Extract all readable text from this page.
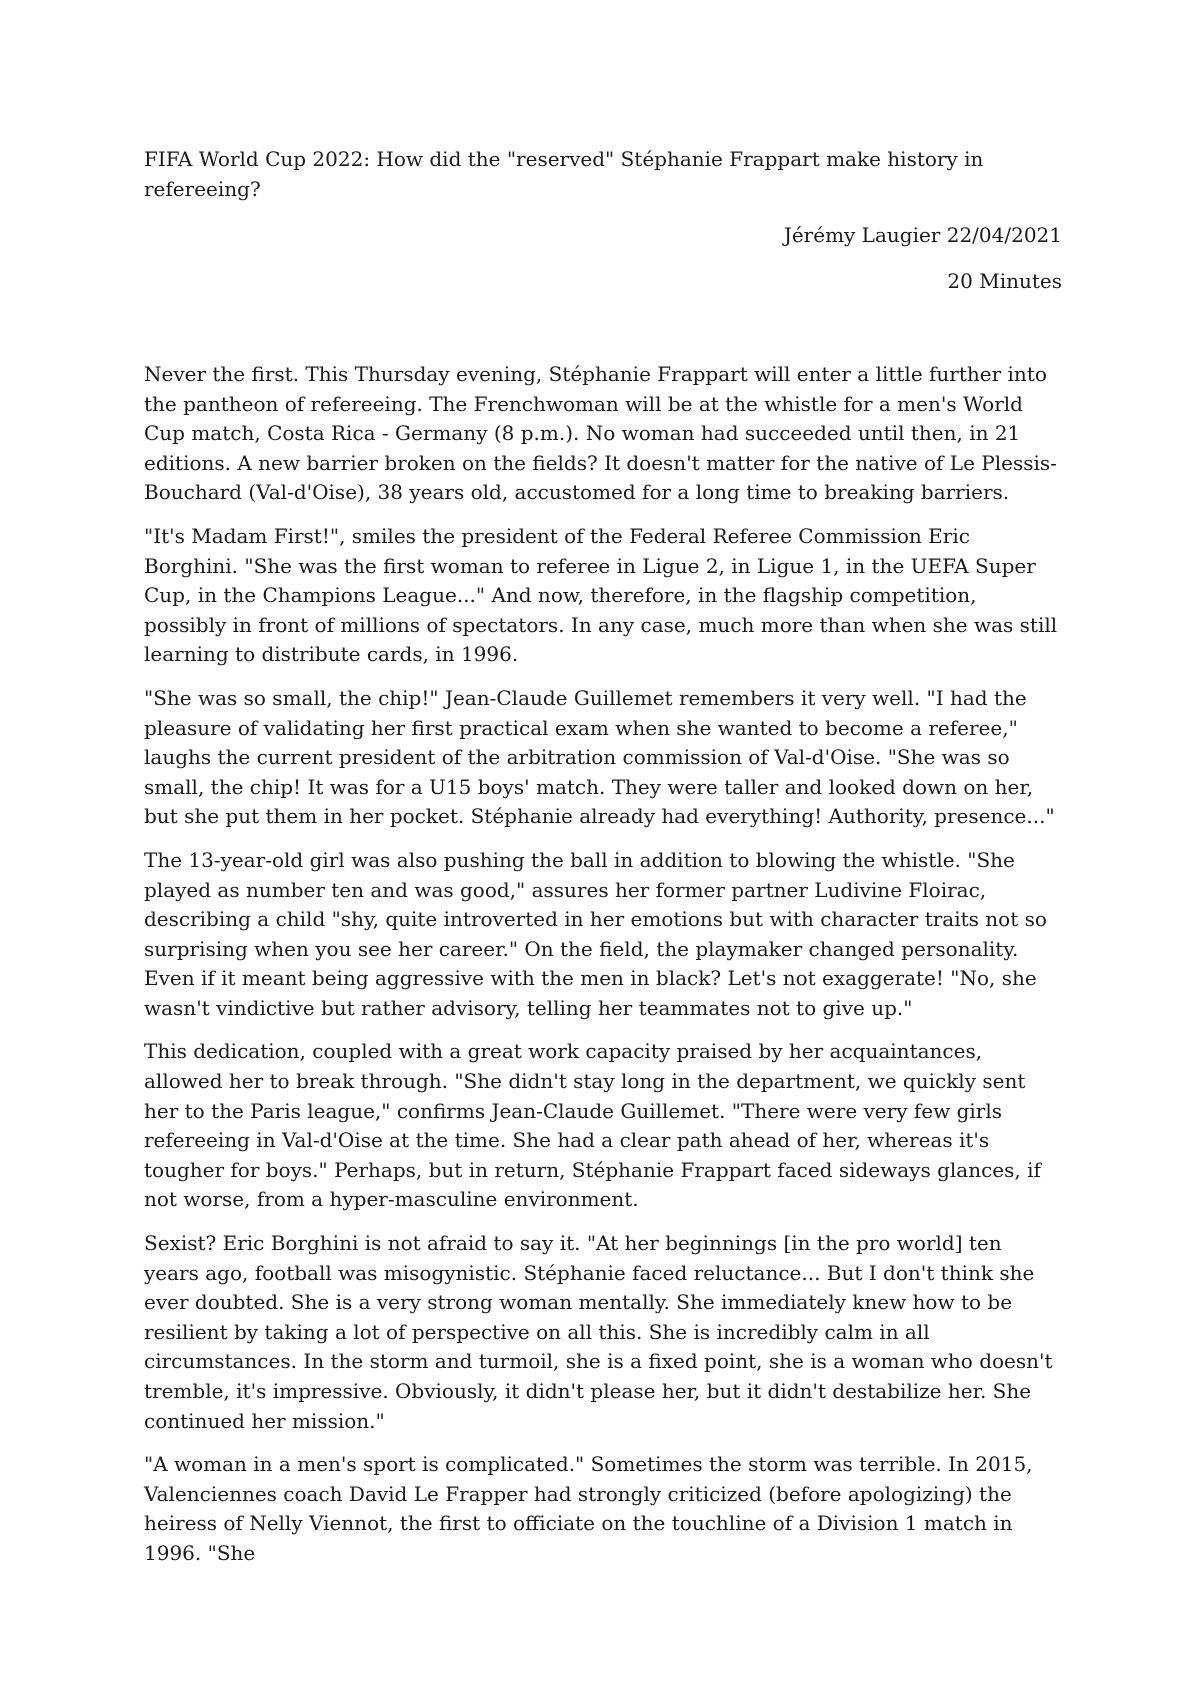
FIFA World Cup 2022: How did the "reserved" Stéphanie Frappart make history in refereeing?

Jérémy Laugier 22/04/2021

20 Minutes

Never the first. This Thursday evening, Stéphanie Frappart will enter a little further into the pantheon of refereeing. The Frenchwoman will be at the whistle for a men's World Cup match, Costa Rica - Germany (8 p.m.). No woman had succeeded until then, in 21 editions. A new barrier broken on the fields? It doesn't matter for the native of Le Plessis-Bouchard (Val-d'Oise), 38 years old, accustomed for a long time to breaking barriers.

"It's Madam First!", smiles the president of the Federal Referee Commission Eric Borghini. "She was the first woman to referee in Ligue 2, in Ligue 1, in the UEFA Super Cup, in the Champions League..." And now, therefore, in the flagship competition, possibly in front of millions of spectators. In any case, much more than when she was still learning to distribute cards, in 1996.

"She was so small, the chip!" Jean-Claude Guillemet remembers it very well. "I had the pleasure of validating her first practical exam when she wanted to become a referee," laughs the current president of the arbitration commission of Val-d'Oise. "She was so small, the chip! It was for a U15 boys' match. They were taller and looked down on her, but she put them in her pocket. Stéphanie already had everything! Authority, presence..."

The 13-year-old girl was also pushing the ball in addition to blowing the whistle. "She played as number ten and was good," assures her former partner Ludivine Floirac, describing a child "shy, quite introverted in her emotions but with character traits not so surprising when you see her career." On the field, the playmaker changed personality. Even if it meant being aggressive with the men in black? Let's not exaggerate! "No, she wasn't vindictive but rather advisory, telling her teammates not to give up."

This dedication, coupled with a great work capacity praised by her acquaintances, allowed her to break through. "She didn't stay long in the department, we quickly sent her to the Paris league," confirms Jean-Claude Guillemet. "There were very few girls refereeing in Val-d'Oise at the time. She had a clear path ahead of her, whereas it's tougher for boys." Perhaps, but in return, Stéphanie Frappart faced sideways glances, if not worse, from a hyper-masculine environment.

Sexist? Eric Borghini is not afraid to say it. "At her beginnings [in the pro world] ten years ago, football was misogynistic. Stéphanie faced reluctance... But I don't think she ever doubted. She is a very strong woman mentally. She immediately knew how to be resilient by taking a lot of perspective on all this. She is incredibly calm in all circumstances. In the storm and turmoil, she is a fixed point, she is a woman who doesn't tremble, it's impressive. Obviously, it didn't please her, but it didn't destabilize her. She continued her mission."

"A woman in a men's sport is complicated." Sometimes the storm was terrible. In 2015, Valenciennes coach David Le Frapper had strongly criticized (before apologizing) the heiress of Nelly Viennot, the first to officiate on the touchline of a Division 1 match in 1996. "She
